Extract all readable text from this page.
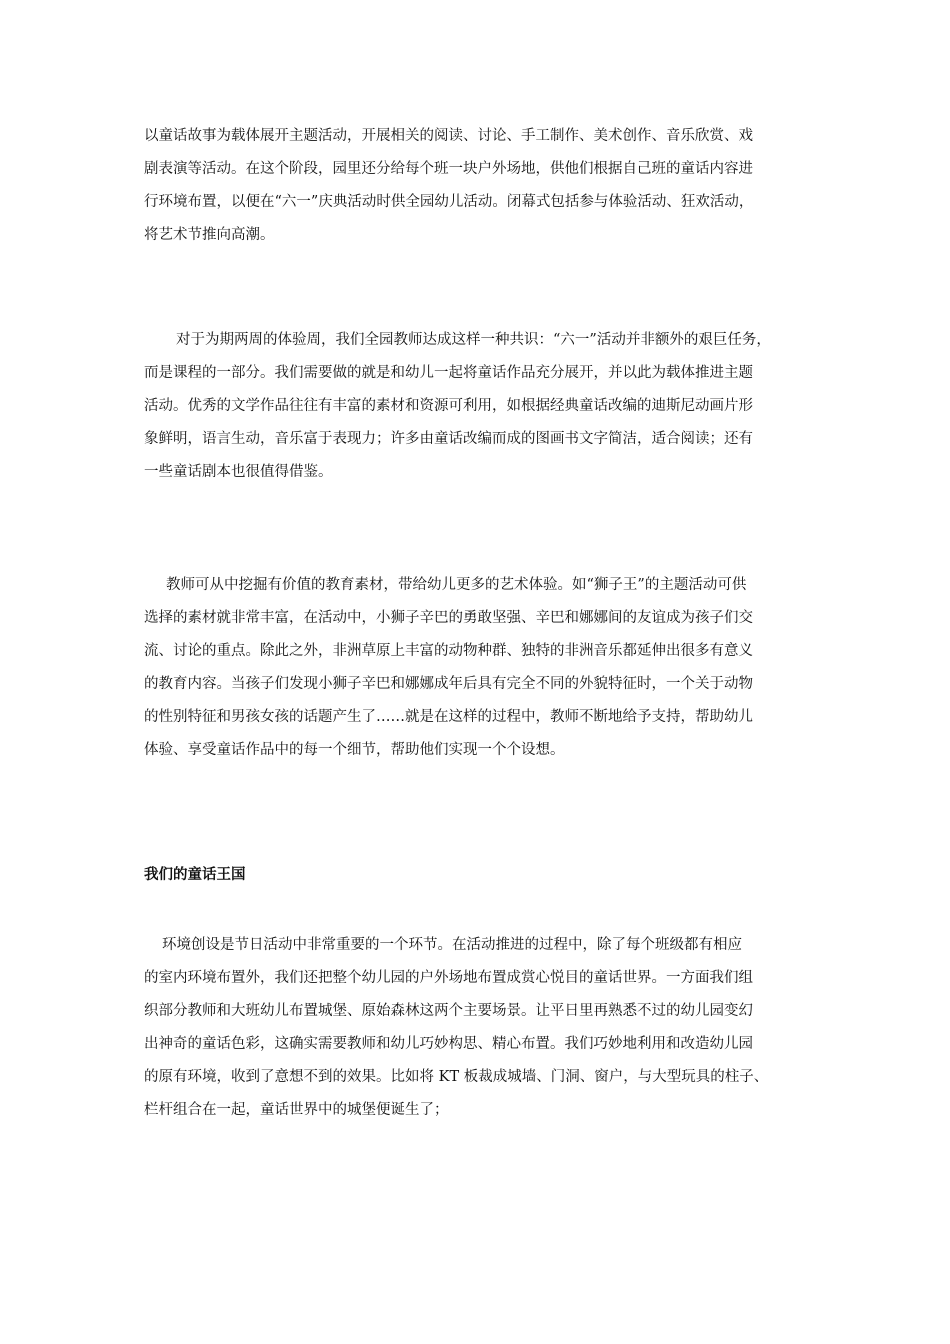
以童话故事为载体展开主题活动，开展相关的阅读、讨论、手工制作、美术创作、音乐欣赏、戏
剧表演等活动。在这个阶段，园里还分给每个班一块户外场地，供他们根据自己班的童话内容进
行环境布置，以便在“六一”庆典活动时供全园幼儿活动。闭幕式包括参与体验活动、狂欢活动，
将艺术节推向高潮。

对于为期两周的体验周，我们全园教师达成这样一种共识：“六一”活动并非额外的艰巨任务，
而是课程的一部分。我们需要做的就是和幼儿一起将童话作品充分展开，并以此为载体推进主题
活动。优秀的文学作品往往有丰富的素材和资源可利用，如根据经典童话改编的迪斯尼动画片形
象鲜明，语言生动，音乐富于表现力；许多由童话改编而成的图画书文字简洁，适合阅读；还有
一些童话剧本也很值得借鉴。

教师可从中挖掘有价值的教育素材，带给幼儿更多的艺术体验。如“狮子王”的主题活动可供
选择的素材就非常丰富，在活动中，小狮子辛巴的勇敢坚强、辛巴和娜娜间的友谊成为孩子们交
流、讨论的重点。除此之外，非洲草原上丰富的动物种群、独特的非洲音乐都延伸出很多有意义
的教育内容。当孩子们发现小狮子辛巴和娜娜成年后具有完全不同的外貌特征时，一个关于动物
的性别特征和男孩女孩的话题产生了……就是在这样的过程中，教师不断地给予支持，帮助幼儿
体验、享受童话作品中的每一个细节，帮助他们实现一个个设想。

我们的童话王国

环境创设是节日活动中非常重要的一个环节。在活动推进的过程中，除了每个班级都有相应
的室内环境布置外，我们还把整个幼儿园的户外场地布置成赏心悦目的童话世界。一方面我们组
织部分教师和大班幼儿布置城堡、原始森林这两个主要场景。让平日里再熟悉不过的幼儿园变幻
出神奇的童话色彩，这确实需要教师和幼儿巧妙构思、精心布置。我们巧妙地利用和改造幼儿园
的原有环境，收到了意想不到的效果。比如将 KT 板裁成城墙、门洞、窗户，与大型玩具的柱子、
栏杆组合在一起，童话世界中的城堡便诞生了；
